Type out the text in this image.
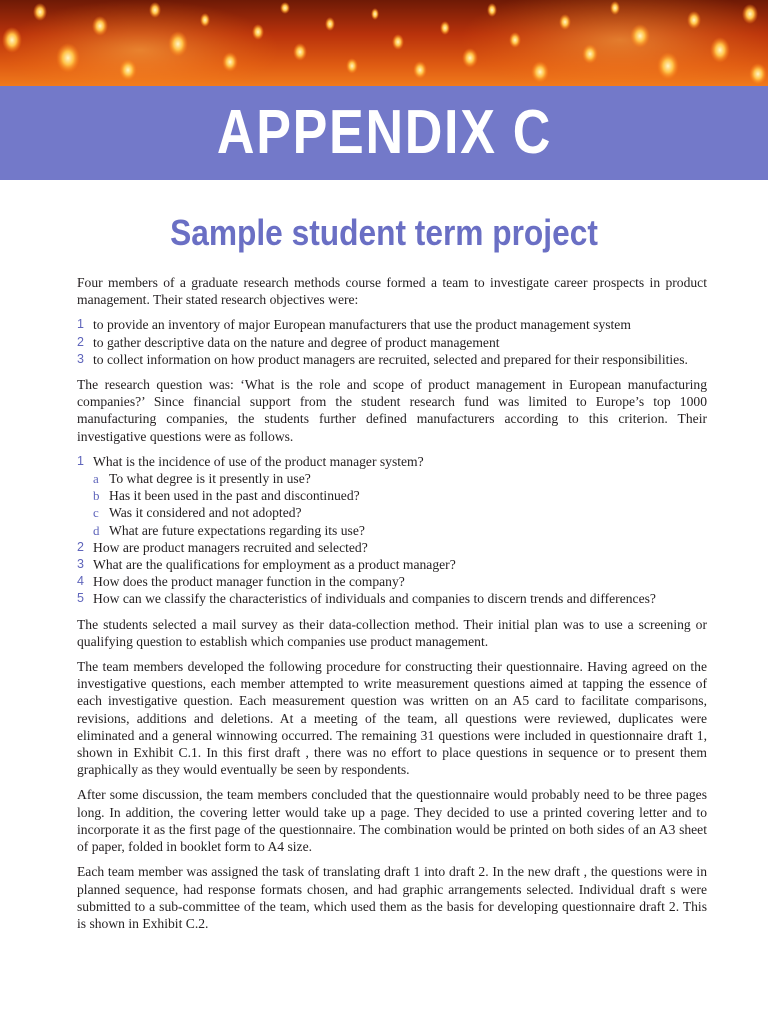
APPENDIX C
Sample student term project

Four members of a graduate research methods course formed a team to investigate career prospects in product management. Their stated research objectives were:

1 to provide an inventory of major European manufacturers that use the product management system
2 to gather descriptive data on the nature and degree of product management
3 to collect information on how product managers are recruited, selected and prepared for their responsibilities.

The research question was: ‘What is the role and scope of product management in European manufacturing companies?’ Since financial support from the student research fund was limited to Europe’s top 1000 manufacturing companies, the students further defined manufacturers according to this criterion. Their investigative questions were as follows.

1 What is the incidence of use of the product manager system?
a To what degree is it presently in use?
b Has it been used in the past and discontinued?
c Was it considered and not adopted?
d What are future expectations regarding its use?
2 How are product managers recruited and selected?
3 What are the qualifications for employment as a product manager?
4 How does the product manager function in the company?
5 How can we classify the characteristics of individuals and companies to discern trends and differences?

The students selected a mail survey as their data-collection method. Their initial plan was to use a screening or qualifying question to establish which companies use product management.

The team members developed the following procedure for constructing their questionnaire. Having agreed on the investigative questions, each member attempted to write measurement questions aimed at tapping the essence of each investigative question. Each measurement question was written on an A5 card to facilitate comparisons, revisions, additions and deletions. At a meeting of the team, all questions were reviewed, duplicates were eliminated and a general winnowing occurred. The remaining 31 questions were included in questionnaire draft 1, shown in Exhibit C.1. In this first draft , there was no effort to place questions in sequence or to present them graphically as they would eventually be seen by respondents.

After some discussion, the team members concluded that the questionnaire would probably need to be three pages long. In addition, the covering letter would take up a page. They decided to use a printed covering letter and to incorporate it as the first page of the questionnaire. The combination would be printed on both sides of an A3 sheet of paper, folded in booklet form to A4 size.

Each team member was assigned the task of translating draft 1 into draft 2. In the new draft , the questions were in planned sequence, had response formats chosen, and had graphic arrangements selected. Individual draft s were submitted to a sub-committee of the team, which used them as the basis for developing questionnaire draft 2. This is shown in Exhibit C.2.
